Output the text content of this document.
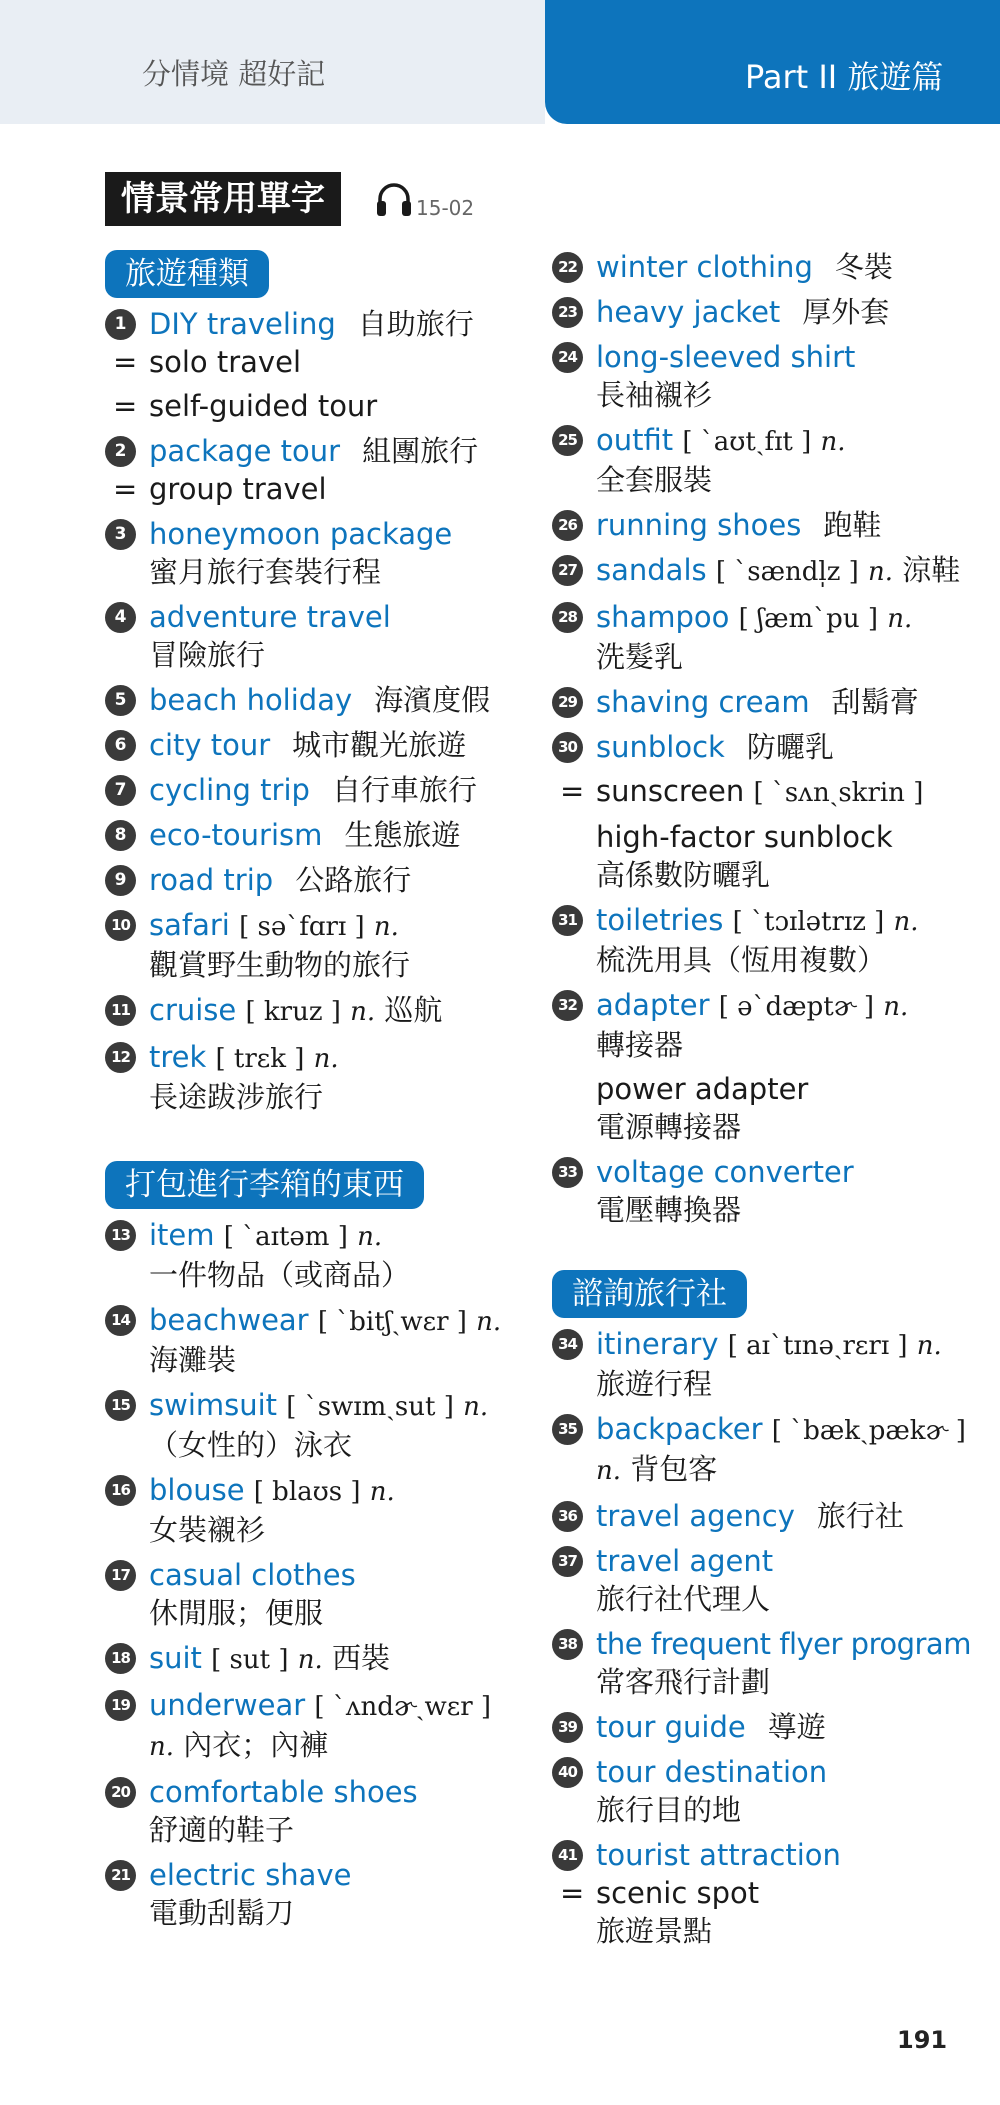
分情境 超好記	Part II 旅遊篇
情景常用單字	15-02
旅遊種類
1 DIY traveling 自助旅行
= solo travel
= self-guided tour
2 package tour 組團旅行
= group travel
3 honeymoon package
蜜月旅行套裝行程
4 adventure travel
冒險旅行
5 beach holiday 海濱度假
6 city tour 城市觀光旅遊
7 cycling trip 自行車旅行
8 eco-tourism 生態旅遊
9 road trip 公路旅行
10 safari [ səˋfɑrɪ ] n.
觀賞野生動物的旅行
11 cruise [ kruz ] n. 巡航
12 trek [ trɛk ] n.
長途跋涉旅行
打包進行李箱的東西
13 item [ ˋaɪtəm ] n.
一件物品（或商品）
14 beachwear [ ˋbitʃˏwɛr ] n.
海灘裝
15 swimsuit [ ˋswɪmˏsut ] n.
（女性的）泳衣
16 blouse [ blaʊs ] n.
女裝襯衫
17 casual clothes
休閒服；便服
18 suit [ sut ] n. 西裝
19 underwear [ ˋʌndɚˏwɛr ]
n. 內衣；內褲
20 comfortable shoes
舒適的鞋子
21 electric shave
電動刮鬍刀
22 winter clothing 冬裝
23 heavy jacket 厚外套
24 long-sleeved shirt
長袖襯衫
25 outfit [ ˋaʊtˏfɪt ] n.
全套服裝
26 running shoes 跑鞋
27 sandals [ ˋsændl̩z ] n. 涼鞋
28 shampoo [ ʃæmˋpu ] n.
洗髮乳
29 shaving cream 刮鬍膏
30 sunblock 防曬乳
= sunscreen [ ˋsʌnˏskrin ]
high-factor sunblock
高係數防曬乳
31 toiletries [ ˋtɔɪlətrɪz ] n.
梳洗用具（恆用複數）
32 adapter [ əˋdæptɚ ] n.
轉接器
power adapter
電源轉接器
33 voltage converter
電壓轉換器
諮詢旅行社
34 itinerary [ aɪˋtɪnəˏrɛrɪ ] n.
旅遊行程
35 backpacker [ ˋbækˏpækɚ ]
n. 背包客
36 travel agency 旅行社
37 travel agent
旅行社代理人
38 the frequent flyer program
常客飛行計劃
39 tour guide 導遊
40 tour destination
旅行目的地
41 tourist attraction
= scenic spot
旅遊景點
191
